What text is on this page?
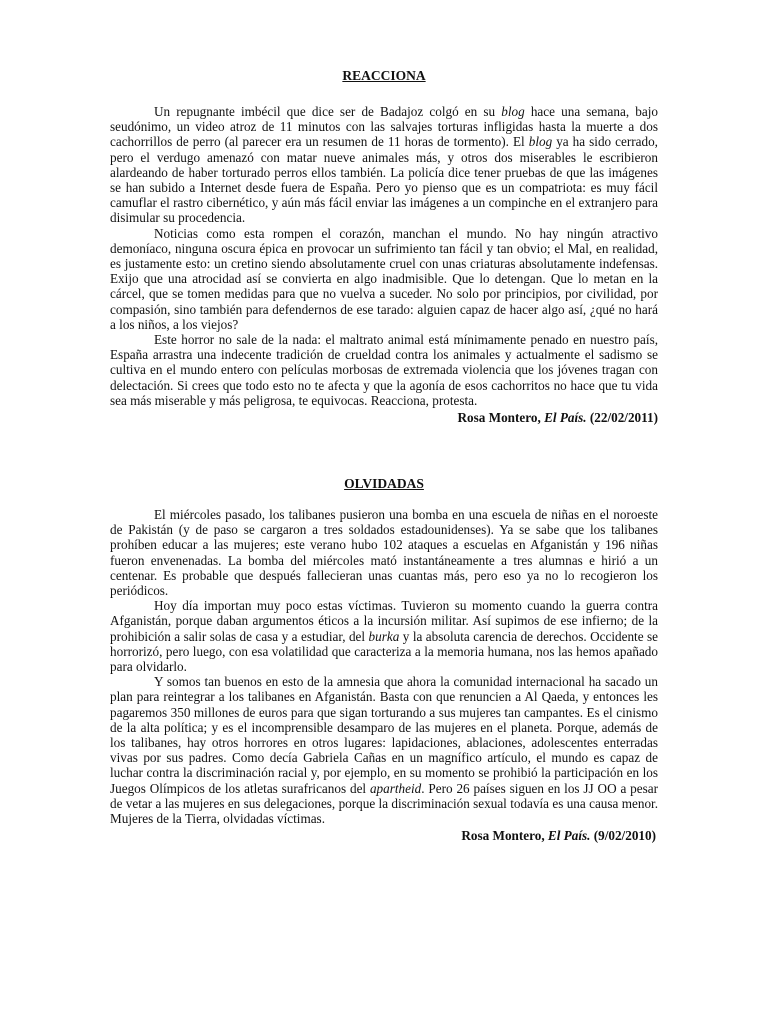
REACCIONA

Un repugnante imbécil que dice ser de Badajoz colgó en su blog hace una semana, bajo seudónimo, un video atroz de 11 minutos con las salvajes torturas infligidas hasta la muerte a dos cachorrillos de perro (al parecer era un resumen de 11 horas de tormento). El blog ya ha sido cerrado, pero el verdugo amenazó con matar nueve animales más, y otros dos miserables le escribieron alardeando de haber torturado perros ellos también. La policía dice tener pruebas de que las imágenes se han subido a Internet desde fuera de España. Pero yo pienso que es un compatriota: es muy fácil camuflar el rastro cibernético, y aún más fácil enviar las imágenes a un compinche en el extranjero para disimular su procedencia.

Noticias como esta rompen el corazón, manchan el mundo. No hay ningún atractivo demoníaco, ninguna oscura épica en provocar un sufrimiento tan fácil y tan obvio; el Mal, en realidad, es justamente esto: un cretino siendo absolutamente cruel con unas criaturas absolutamente indefensas. Exijo que una atrocidad así se convierta en algo inadmisible. Que lo detengan. Que lo metan en la cárcel, que se tomen medidas para que no vuelva a suceder. No solo por principios, por civilidad, por compasión, sino también para defendernos de ese tarado: alguien capaz de hacer algo así, ¿qué no hará a los niños, a los viejos?

Este horror no sale de la nada: el maltrato animal está mínimamente penado en nuestro país, España arrastra una indecente tradición de crueldad contra los animales y actualmente el sadismo se cultiva en el mundo entero con películas morbosas de extremada violencia que los jóvenes tragan con delectación. Si crees que todo esto no te afecta y que la agonía de esos cachorritos no hace que tu vida sea más miserable y más peligrosa, te equivocas. Reacciona, protesta.

Rosa Montero, El País. (22/02/2011)
OLVIDADAS

El miércoles pasado, los talibanes pusieron una bomba en una escuela de niñas en el noroeste de Pakistán (y de paso se cargaron a tres soldados estadounidenses). Ya se sabe que los talibanes prohíben educar a las mujeres; este verano hubo 102 ataques a escuelas en Afganistán y 196 niñas fueron envenenadas. La bomba del miércoles mató instantáneamente a tres alumnas e hirió a un centenar. Es probable que después fallecieran unas cuantas más, pero eso ya no lo recogieron los periódicos.

Hoy día importan muy poco estas víctimas. Tuvieron su momento cuando la guerra contra Afganistán, porque daban argumentos éticos a la incursión militar. Así supimos de ese infierno; de la prohibición a salir solas de casa y a estudiar, del burka y la absoluta carencia de derechos. Occidente se horrorizó, pero luego, con esa volatilidad que caracteriza a la memoria humana, nos las hemos apañado para olvidarlo.

Y somos tan buenos en esto de la amnesia que ahora la comunidad internacional ha sacado un plan para reintegrar a los talibanes en Afganistán. Basta con que renuncien a Al Qaeda, y entonces les pagaremos 350 millones de euros para que sigan torturando a sus mujeres tan campantes. Es el cinismo de la alta política; y es el incomprensible desamparo de las mujeres en el planeta. Porque, además de los talibanes, hay otros horrores en otros lugares: lapidaciones, ablaciones, adolescentes enterradas vivas por sus padres. Como decía Gabriela Cañas en un magnífico artículo, el mundo es capaz de luchar contra la discriminación racial y, por ejemplo, en su momento se prohibió la participación en los Juegos Olímpicos de los atletas surafricanos del apartheid. Pero 26 países siguen en los JJ OO a pesar de vetar a las mujeres en sus delegaciones, porque la discriminación sexual todavía es una causa menor. Mujeres de la Tierra, olvidadas víctimas.

Rosa Montero, El País. (9/02/2010)
